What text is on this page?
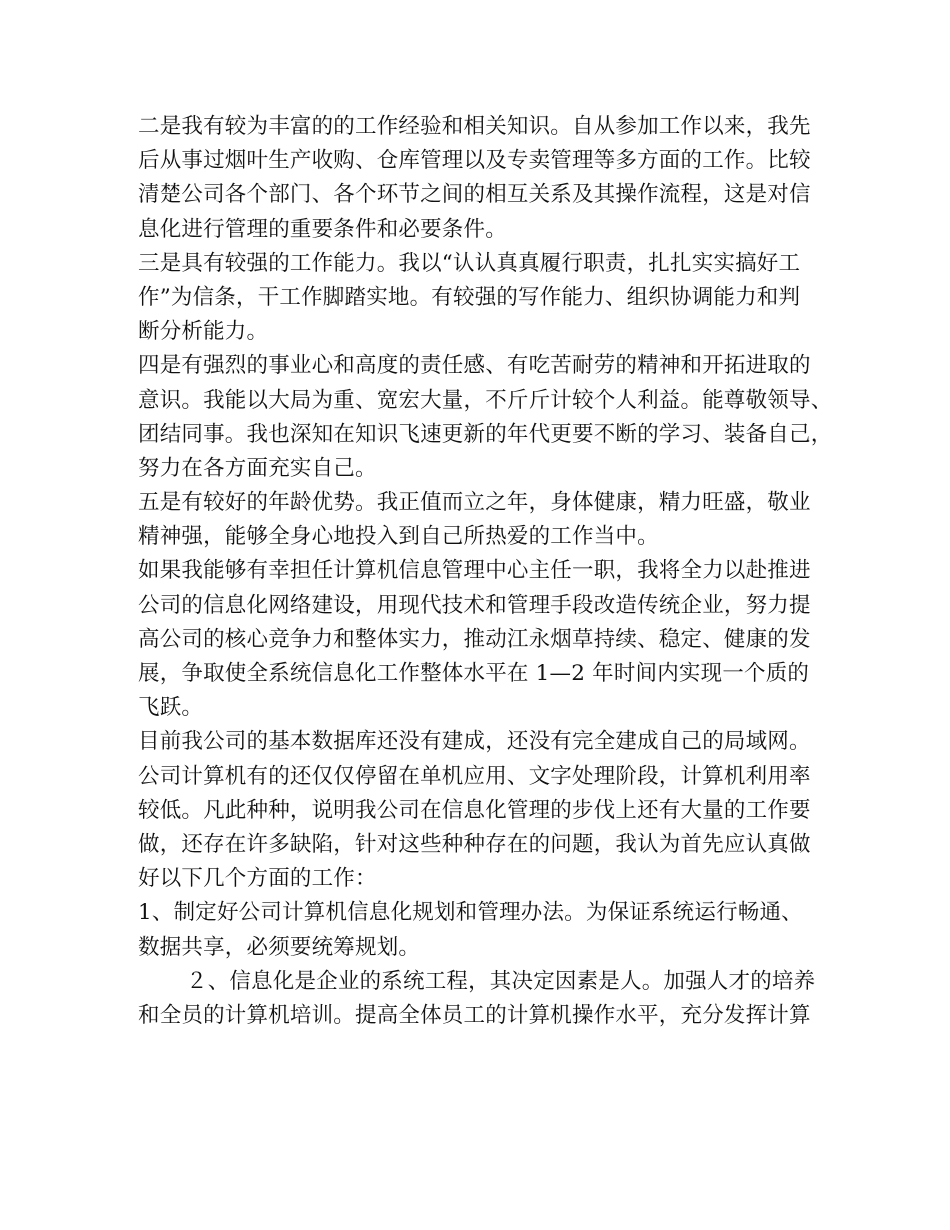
二是我有较为丰富的的工作经验和相关知识。自从参加工作以来，我先
后从事过烟叶生产收购、仓库管理以及专卖管理等多方面的工作。比较
清楚公司各个部门、各个环节之间的相互关系及其操作流程，这是对信
息化进行管理的重要条件和必要条件。
三是具有较强的工作能力。我以“认认真真履行职责，扎扎实实搞好工
作”为信条，干工作脚踏实地。有较强的写作能力、组织协调能力和判
断分析能力。
四是有强烈的事业心和高度的责任感、有吃苦耐劳的精神和开拓进取的
意识。我能以大局为重、宽宏大量，不斤斤计较个人利益。能尊敬领导、
团结同事。我也深知在知识飞速更新的年代更要不断的学习、装备自己，
努力在各方面充实自己。
五是有较好的年龄优势。我正值而立之年，身体健康，精力旺盛，敬业
精神强，能够全身心地投入到自己所热爱的工作当中。
如果我能够有幸担任计算机信息管理中心主任一职，我将全力以赴推进
公司的信息化网络建设，用现代技术和管理手段改造传统企业，努力提
高公司的核心竞争力和整体实力，推动江永烟草持续、稳定、健康的发
展，争取使全系统信息化工作整体水平在 1—2 年时间内实现一个质的
飞跃。
目前我公司的基本数据库还没有建成，还没有完全建成自己的局域网。
公司计算机有的还仅仅停留在单机应用、文字处理阶段，计算机利用率
较低。凡此种种，说明我公司在信息化管理的步伐上还有大量的工作要
做，还存在许多缺陷，针对这些种种存在的问题，我认为首先应认真做
好以下几个方面的工作：
1、制定好公司计算机信息化规划和管理办法。为保证系统运行畅通、
数据共享，必须要统筹规划。
２、信息化是企业的系统工程，其决定因素是人。加强人才的培养
和全员的计算机培训。提高全体员工的计算机操作水平，充分发挥计算
